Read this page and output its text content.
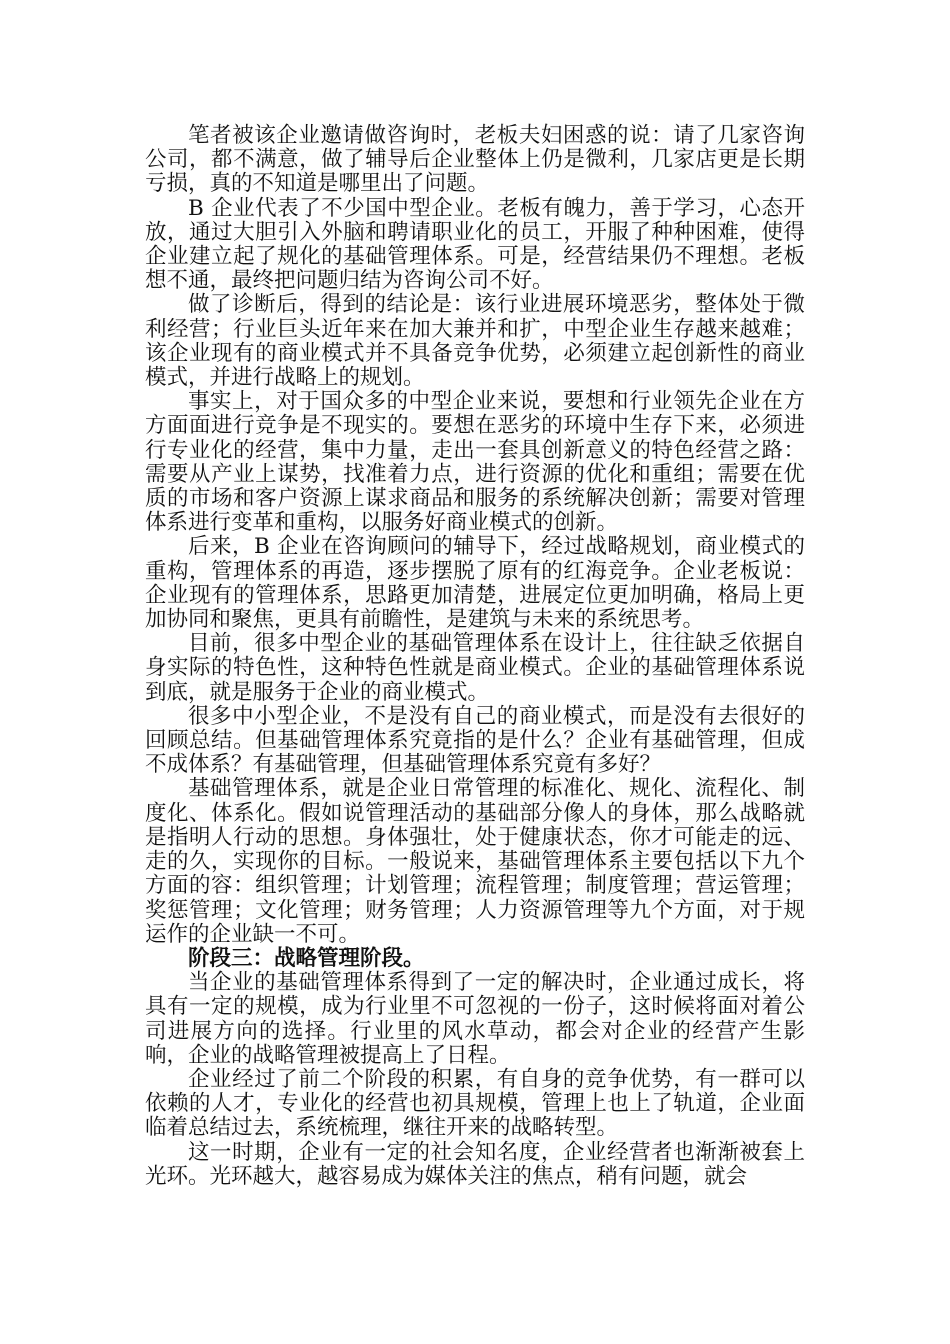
笔者被该企业邀请做咨询时，老板夫妇困惑的说：请了几家咨询公司，都不满意，做了辅导后企业整体上仍是微利，几家店更是长期亏损，真的不知道是哪里出了问题。

B 企业代表了不少国中型企业。老板有魄力，善于学习，心态开放，通过大胆引入外脑和聘请职业化的员工，开服了种种困难，使得企业建立起了规化的基础管理体系。可是，经营结果仍不理想。老板想不通，最终把问题归结为咨询公司不好。

做了诊断后，得到的结论是：该行业进展环境恶劣，整体处于微利经营；行业巨头近年来在加大兼并和扩，中型企业生存越来越难；该企业现有的商业模式并不具备竞争优势，必须建立起创新性的商业模式，并进行战略上的规划。

事实上，对于国众多的中型企业来说，要想和行业领先企业在方方面面进行竞争是不现实的。要想在恶劣的环境中生存下来，必须进行专业化的经营，集中力量，走出一套具创新意义的特色经营之路：需要从产业上谋势，找准着力点，进行资源的优化和重组；需要在优质的市场和客户资源上谋求商品和服务的系统解决创新；需要对管理体系进行变革和重构，以服务好商业模式的创新。

后来，B 企业在咨询顾问的辅导下，经过战略规划，商业模式的重构，管理体系的再造，逐步摆脱了原有的红海竞争。企业老板说：企业现有的管理体系，思路更加清楚，进展定位更加明确，格局上更加协同和聚焦，更具有前瞻性，是建筑与未来的系统思考。

目前，很多中型企业的基础管理体系在设计上，往往缺乏依据自身实际的特色性，这种特色性就是商业模式。企业的基础管理体系说到底，就是服务于企业的商业模式。

很多中小型企业，不是没有自己的商业模式，而是没有去很好的回顾总结。但基础管理体系究竟指的是什么？企业有基础管理，但成不成体系？有基础管理，但基础管理体系究竟有多好？

基础管理体系，就是企业日常管理的标准化、规化、流程化、制度化、体系化。假如说管理活动的基础部分像人的身体，那么战略就是指明人行动的思想。身体强壮，处于健康状态，你才可能走的远、走的久，实现你的目标。一般说来，基础管理体系主要包括以下九个方面的容：组织管理；计划管理；流程管理；制度管理；营运管理；奖惩管理；文化管理；财务管理；人力资源管理等九个方面，对于规运作的企业缺一不可。

阶段三：战略管理阶段。

当企业的基础管理体系得到了一定的解决时，企业通过成长，将具有一定的规模，成为行业里不可忽视的一份子，这时候将面对着公司进展方向的选择。行业里的风水草动，都会对企业的经营产生影响，企业的战略管理被提高上了日程。

企业经过了前二个阶段的积累，有自身的竞争优势，有一群可以依赖的人才，专业化的经营也初具规模，管理上也上了轨道，企业面临着总结过去，系统梳理，继往开来的战略转型。

这一时期，企业有一定的社会知名度，企业经营者也渐渐被套上光环。光环越大，越容易成为媒体关注的焦点，稍有问题，就会
